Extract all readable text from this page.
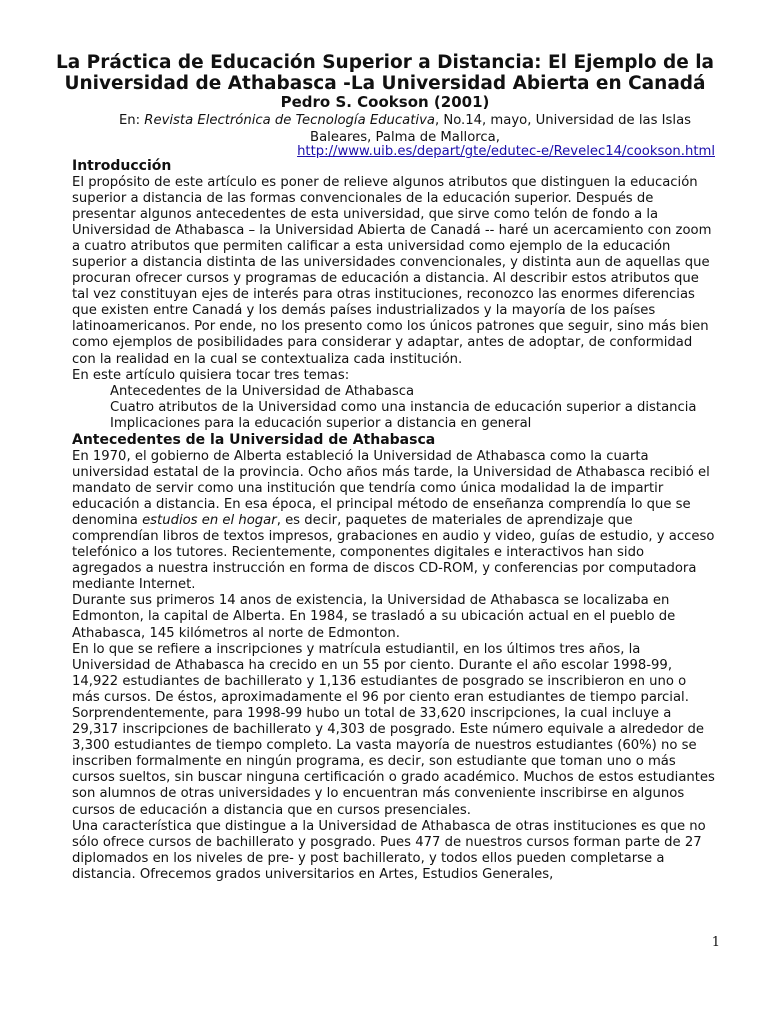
La Práctica de Educación Superior a Distancia: El Ejemplo de la
Universidad de Athabasca -La Universidad Abierta en Canadá
Pedro S. Cookson (2001)
En: Revista Electrónica de Tecnología Educativa, No.14, mayo, Universidad de las Islas Baleares, Palma de Mallorca,
http://www.uib.es/depart/gte/edutec-e/Revelec14/cookson.html
Introducción

El propósito de este artículo es poner de relieve algunos atributos que distinguen la educación superior a distancia de las formas convencionales de la educación superior. Después de presentar algunos antecedentes de esta universidad, que sirve como telón de fondo a la Universidad de Athabasca – la Universidad Abierta de Canadá -- haré un acercamiento con zoom a cuatro atributos que permiten calificar a esta universidad como ejemplo de la educación superior a distancia distinta de las universidades convencionales, y distinta aun de aquellas que procuran ofrecer cursos y programas de educación a distancia. Al describir estos atributos que tal vez constituyan ejes de interés para otras instituciones, reconozco las enormes diferencias que existen entre Canadá y los demás países industrializados y la mayoría de los países latinoamericanos. Por ende, no los presento como los únicos patrones que seguir, sino más bien como ejemplos de posibilidades para considerar y adaptar, antes de adoptar, de conformidad con la realidad en la cual se contextualiza cada institución.

En este artículo quisiera tocar tres temas:

Antecedentes de la Universidad de Athabasca
Cuatro atributos de la Universidad como una instancia de educación superior a distancia
Implicaciones para la educación superior a distancia en general
Antecedentes de la Universidad de Athabasca

En 1970, el gobierno de Alberta estableció la Universidad de Athabasca como la cuarta universidad estatal de la provincia. Ocho años más tarde, la Universidad de Athabasca recibió el mandato de servir como una institución que tendría como única modalidad la de impartir educación a distancia. En esa época, el principal método de enseñanza comprendía lo que se denomina estudios en el hogar, es decir, paquetes de materiales de aprendizaje que comprendían libros de textos impresos, grabaciones en audio y video, guías de estudio, y acceso telefónico a los tutores. Recientemente, componentes digitales e interactivos han sido agregados a nuestra instrucción en forma de discos CD-ROM, y conferencias por computadora mediante Internet.

Durante sus primeros 14 anos de existencia, la Universidad de Athabasca se localizaba en Edmonton, la capital de Alberta. En 1984, se trasladó a su ubicación actual en el pueblo de Athabasca, 145 kilómetros al norte de Edmonton.

En lo que se refiere a inscripciones y matrícula estudiantil, en los últimos tres años, la Universidad de Athabasca ha crecido en un 55 por ciento. Durante el año escolar 1998-99, 14,922 estudiantes de bachillerato y 1,136 estudiantes de posgrado se inscribieron en uno o más cursos. De éstos, aproximadamente el 96 por ciento eran estudiantes de tiempo parcial. Sorprendentemente, para 1998-99 hubo un total de 33,620 inscripciones, la cual incluye a 29,317 inscripciones de bachillerato y 4,303 de posgrado. Este número equivale a alrededor de 3,300 estudiantes de tiempo completo. La vasta mayoría de nuestros estudiantes (60%) no se inscriben formalmente en ningún programa, es decir, son estudiante que toman uno o más cursos sueltos, sin buscar ninguna certificación o grado académico. Muchos de estos estudiantes son alumnos de otras universidades y lo encuentran más conveniente inscribirse en algunos cursos de educación a distancia que en cursos presenciales.

Una característica que distingue a la Universidad de Athabasca de otras instituciones es que no sólo ofrece cursos de bachillerato y posgrado. Pues 477 de nuestros cursos forman parte de 27 diplomados en los niveles de pre- y post bachillerato, y todos ellos pueden completarse a distancia. Ofrecemos grados universitarios en Artes, Estudios Generales,

1
